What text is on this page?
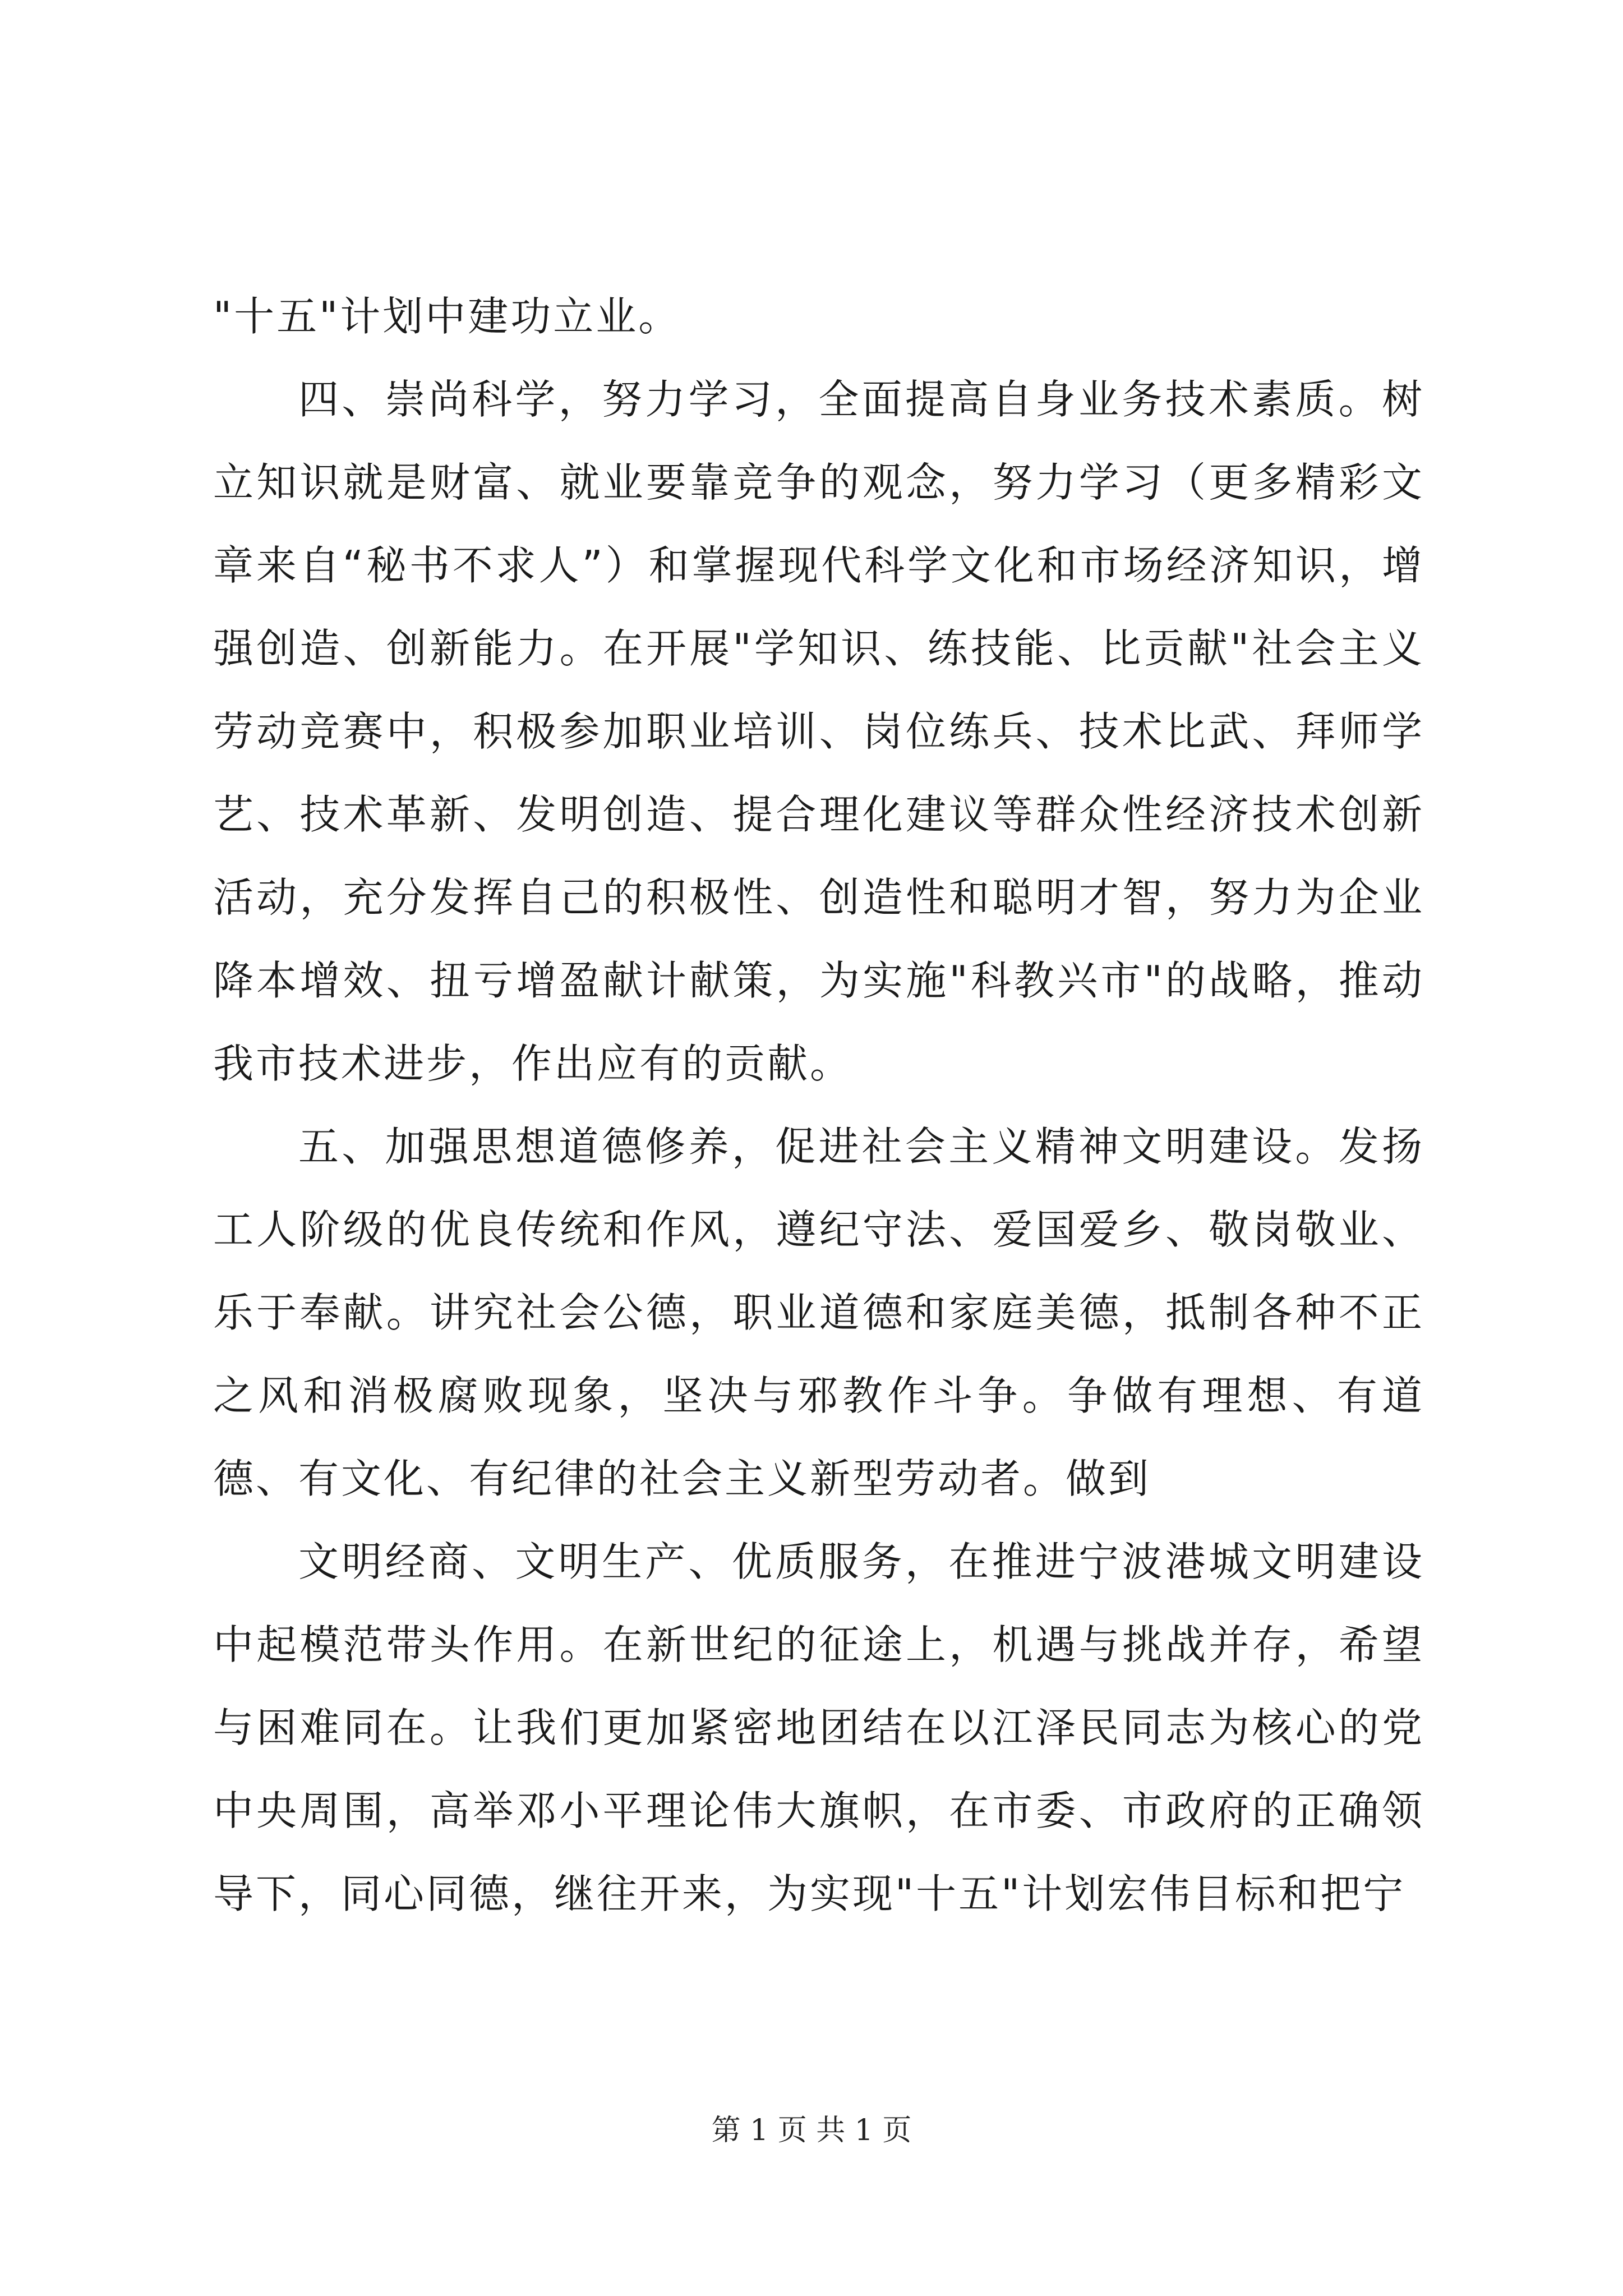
"十五"计划中建功立业。

四、崇尚科学，努力学习，全面提高自身业务技术素质。树立知识就是财富、就业要靠竞争的观念，努力学习（更多精彩文章来自“秘书不求人”）和掌握现代科学文化和市场经济知识，增强创造、创新能力。在开展"学知识、练技能、比贡献"社会主义劳动竞赛中，积极参加职业培训、岗位练兵、技术比武、拜师学艺、技术革新、发明创造、提合理化建议等群众性经济技术创新活动，充分发挥自己的积极性、创造性和聪明才智，努力为企业降本增效、扭亏增盈献计献策，为实施"科教兴市"的战略，推动我市技术进步，作出应有的贡献。

五、加强思想道德修养，促进社会主义精神文明建设。发扬工人阶级的优良传统和作风，遵纪守法、爱国爱乡、敬岗敬业、乐于奉献。讲究社会公德，职业道德和家庭美德，抵制各种不正之风和消极腐败现象，坚决与邪教作斗争。争做有理想、有道德、有文化、有纪律的社会主义新型劳动者。做到

文明经商、文明生产、优质服务，在推进宁波港城文明建设中起模范带头作用。在新世纪的征途上，机遇与挑战并存，希望与困难同在。让我们更加紧密地团结在以江泽民同志为核心的党中央周围，高举邓小平理论伟大旗帜，在市委、市政府的正确领导下，同心同德，继往开来，为实现"十五"计划宏伟目标和把宁

第 1 页 共 1 页
